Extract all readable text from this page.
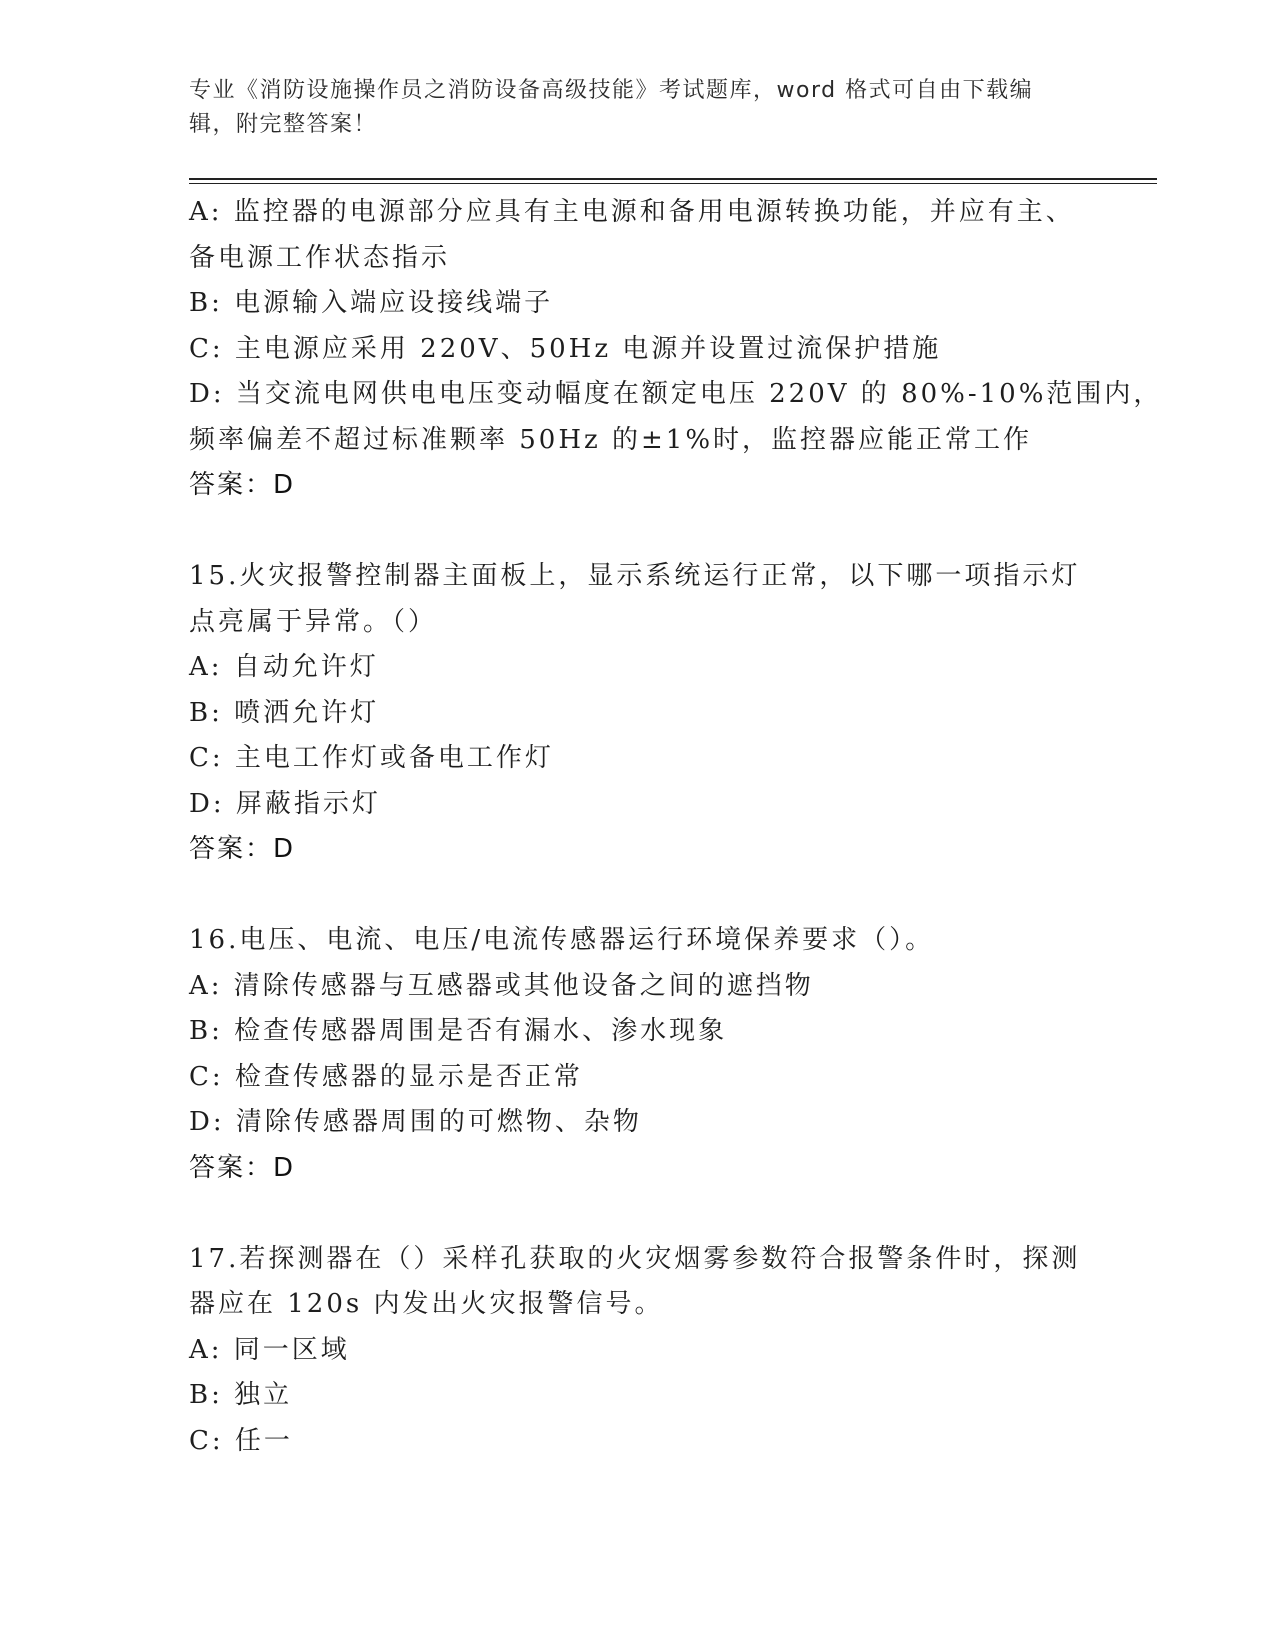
专业《消防设施操作员之消防设备高级技能》考试题库，word 格式可自由下载编
辑，附完整答案！
A: 监控器的电源部分应具有主电源和备用电源转换功能，并应有主、
备电源工作状态指示
B: 电源输入端应设接线端子
C: 主电源应采用 220V、50Hz 电源并设置过流保护措施
D: 当交流电网供电电压变动幅度在额定电压 220V 的 80%-10%范围内，
频率偏差不超过标准颗率 50Hz 的±1%时，监控器应能正常工作
答案：D
15.火灾报警控制器主面板上，显示系统运行正常，以下哪一项指示灯
点亮属于异常。（）
A: 自动允许灯
B: 喷洒允许灯
C: 主电工作灯或备电工作灯
D: 屏蔽指示灯
答案：D
16.电压、电流、电压/电流传感器运行环境保养要求（）。
A: 清除传感器与互感器或其他设备之间的遮挡物
B: 检查传感器周围是否有漏水、渗水现象
C: 检查传感器的显示是否正常
D: 清除传感器周围的可燃物、杂物
答案：D
17.若探测器在（）采样孔获取的火灾烟雾参数符合报警条件时，探测
器应在 120s 内发出火灾报警信号。
A: 同一区域
B: 独立
C: 任一
